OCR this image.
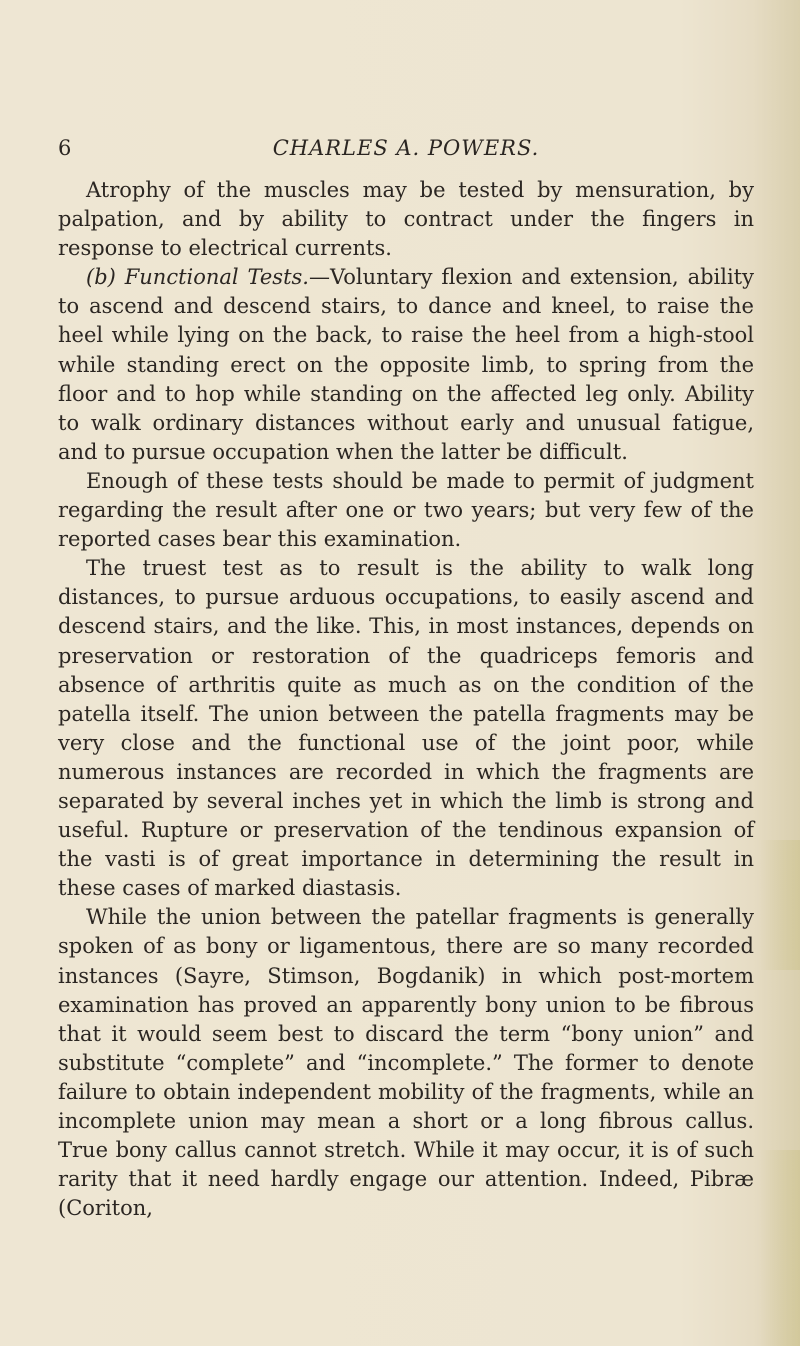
6	CHARLES A. POWERS.

Atrophy of the muscles may be tested by mensuration, by palpation, and by ability to contract under the fingers in response to electrical currents.

(b) Functional Tests.—Voluntary flexion and extension, ability to ascend and descend stairs, to dance and kneel, to raise the heel while lying on the back, to raise the heel from a high-stool while standing erect on the opposite limb, to spring from the floor and to hop while standing on the affected leg only. Ability to walk ordinary distances without early and unusual fatigue, and to pursue occupation when the latter be difficult.

Enough of these tests should be made to permit of judgment regarding the result after one or two years; but very few of the reported cases bear this examination.

The truest test as to result is the ability to walk long distances, to pursue arduous occupations, to easily ascend and descend stairs, and the like. This, in most instances, depends on preservation or restoration of the quadriceps femoris and absence of arthritis quite as much as on the condition of the patella itself. The union between the patella fragments may be very close and the functional use of the joint poor, while numerous instances are recorded in which the fragments are separated by several inches yet in which the limb is strong and useful. Rupture or preservation of the tendinous expansion of the vasti is of great importance in determining the result in these cases of marked diastasis.

While the union between the patellar fragments is generally spoken of as bony or ligamentous, there are so many recorded instances (Sayre, Stimson, Bogdanik) in which post-mortem examination has proved an apparently bony union to be fibrous that it would seem best to discard the term “bony union” and substitute “complete” and “incomplete.” The former to denote failure to obtain independent mobility of the fragments, while an incomplete union may mean a short or a long fibrous callus. True bony callus cannot stretch. While it may occur, it is of such rarity that it need hardly engage our attention. Indeed, Pibræ (Coriton,
